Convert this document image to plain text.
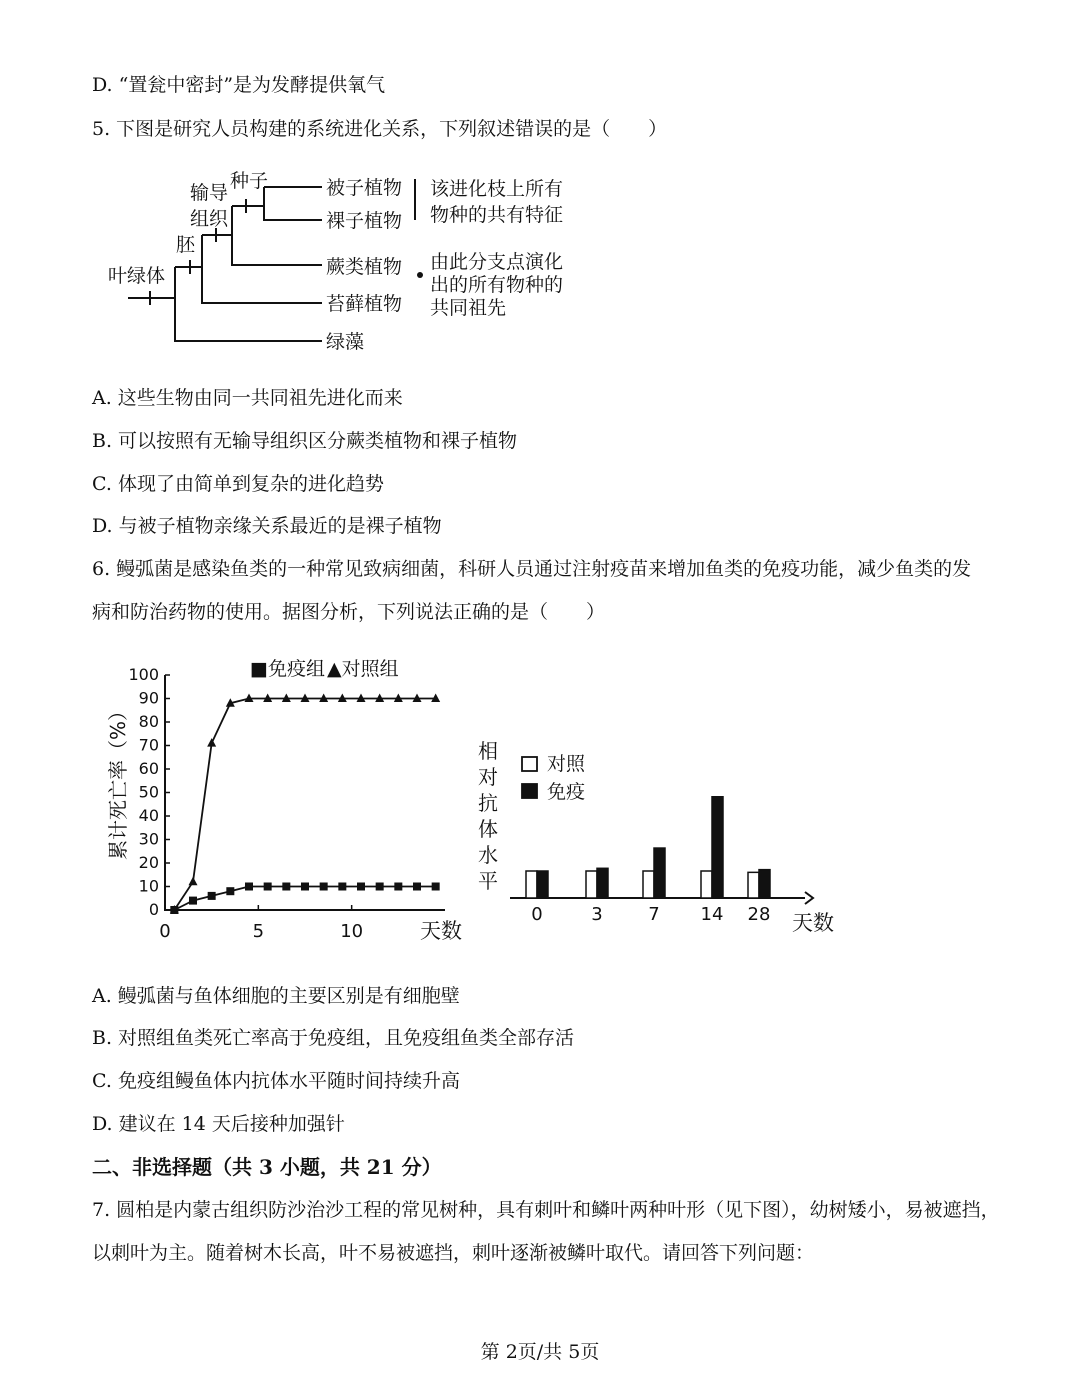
D. “置瓮中密封”是为发酵提供氧气
5. 下图是研究人员构建的系统进化关系，下列叙述错误的是（　　）
输导
组织
种子
胚
叶绿体
被子植物
裸子植物
蕨类植物
苔藓植物
绿藻
该进化枝上所有
物种的共有特征
由此分支点演化
出的所有物种的
共同祖先
A. 这些生物由同一共同祖先进化而来
B. 可以按照有无输导组织区分蕨类植物和裸子植物
C. 体现了由简单到复杂的进化趋势
D. 与被子植物亲缘关系最近的是裸子植物
6. 鳗弧菌是感染鱼类的一种常见致病细菌，科研人员通过注射疫苗来增加鱼类的免疫功能，减少鱼类的发
病和防治药物的使用。据图分析，下列说法正确的是（　　）
0
10
20
30
40
50
60
70
80
90
100
0	5	10
■免疫组 ▲对照组
累计死亡率（%）
天数
0	3	7 14 28
相
对
抗
体
水
平
对照
免疫
天数
A. 鳗弧菌与鱼体细胞的主要区别是有细胞壁
B. 对照组鱼类死亡率高于免疫组，且免疫组鱼类全部存活
C. 免疫组鳗鱼体内抗体水平随时间持续升高
D. 建议在 14 天后接种加强针
二、非选择题（共 3 小题，共 21 分）
7. 圆柏是内蒙古组织防沙治沙工程的常见树种，具有刺叶和鳞叶两种叶形（见下图），幼树矮小，易被遮挡，
以刺叶为主。随着树木长高，叶不易被遮挡，刺叶逐渐被鳞叶取代。请回答下列问题：
第 2页/共 5页
